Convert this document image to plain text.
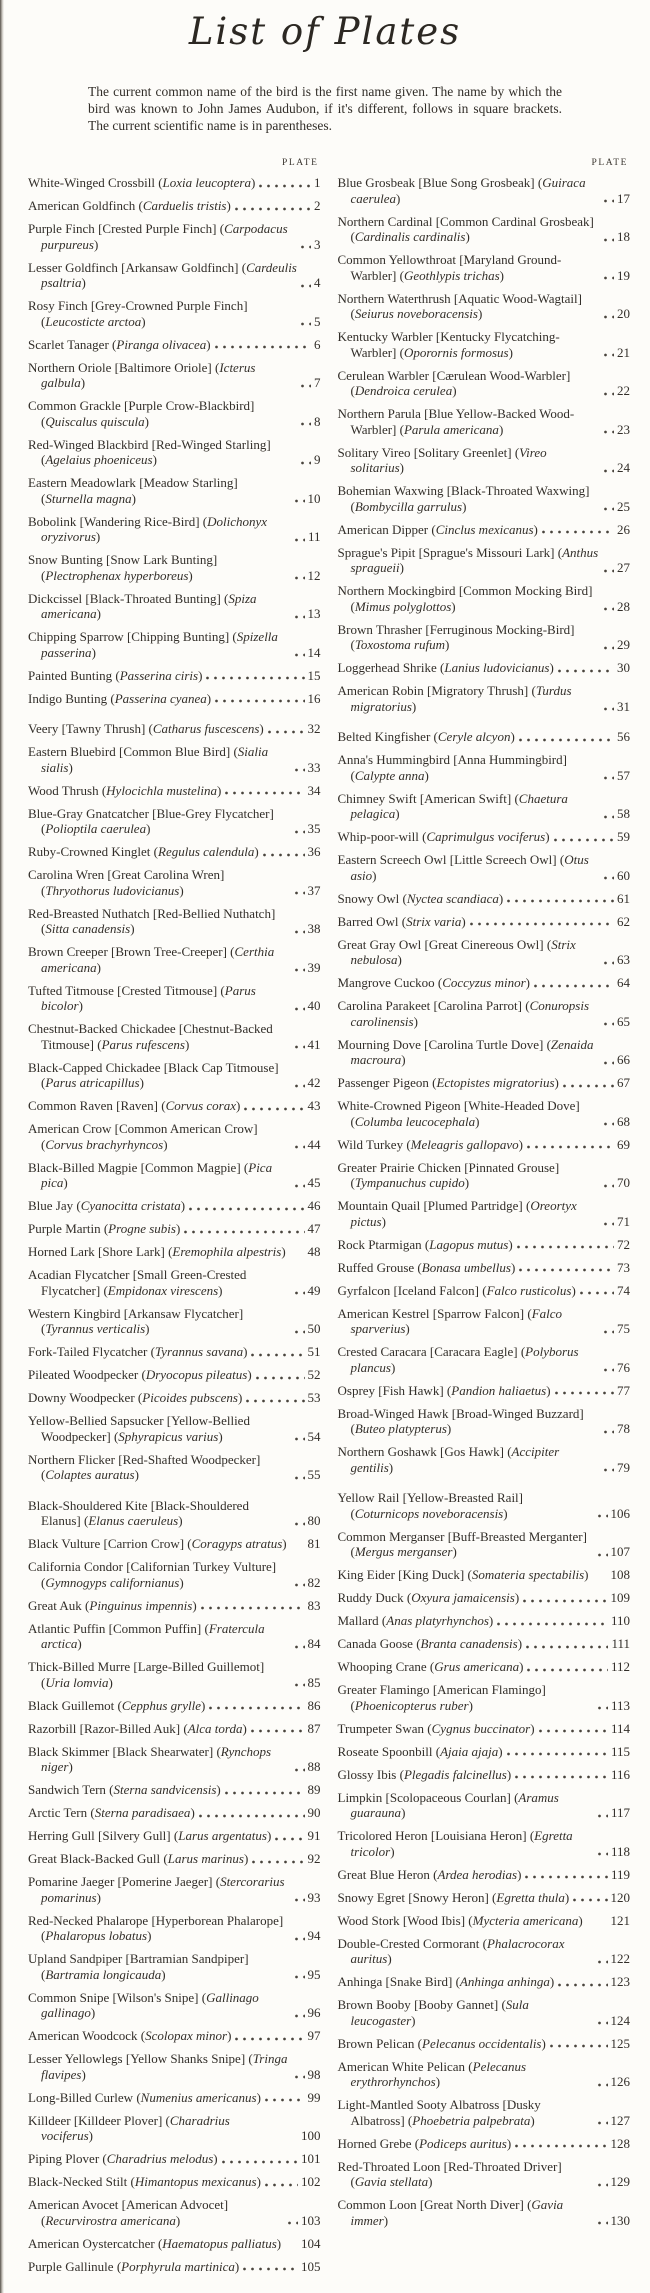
List of Plates

The current common name of the bird is the first name given. The name by which the bird was known to John James Audubon, if it's different, follows in square brackets. The current scientific name is in parentheses.

PLATE
White-Winged Crossbill (Loxia leucoptera)	1
American Goldfinch (Carduelis tristis)	2
Purple Finch [Crested Purple Finch] (Carpodacus purpureus)	3
Lesser Goldfinch [Arkansaw Goldfinch] (Cardeulis psaltria)	4
Rosy Finch [Grey-Crowned Purple Finch] (Leucosticte arctoa)	5
Scarlet Tanager (Piranga olivacea)	6
Northern Oriole [Baltimore Oriole] (Icterus galbula)	7
Common Grackle [Purple Crow-Blackbird] (Quiscalus quiscula)	8
Red-Winged Blackbird [Red-Winged Starling] (Agelaius phoeniceus)	9
Eastern Meadowlark [Meadow Starling] (Sturnella magna)	10
Bobolink [Wandering Rice-Bird] (Dolichonyx oryzivorus)	11
Snow Bunting [Snow Lark Bunting] (Plectrophenax hyperboreus)	12
Dickcissel [Black-Throated Bunting] (Spiza americana)	13
Chipping Sparrow [Chipping Bunting] (Spizella passerina)	14
Painted Bunting (Passerina ciris)	15
Indigo Bunting (Passerina cyanea)	16
Veery [Tawny Thrush] (Catharus fuscescens)	32
Eastern Bluebird [Common Blue Bird] (Sialia sialis)	33
Wood Thrush (Hylocichla mustelina)	34
Blue-Gray Gnatcatcher [Blue-Grey Flycatcher] (Polioptila caerulea)	35
Ruby-Crowned Kinglet (Regulus calendula)	36
Carolina Wren [Great Carolina Wren] (Thryothorus ludovicianus)	37
Red-Breasted Nuthatch [Red-Bellied Nuthatch] (Sitta canadensis)	38
Brown Creeper [Brown Tree-Creeper] (Certhia americana)	39
Tufted Titmouse [Crested Titmouse] (Parus bicolor)	40
Chestnut-Backed Chickadee [Chestnut-Backed Titmouse] (Parus rufescens)	41
Black-Capped Chickadee [Black Cap Titmouse] (Parus atricapillus)	42
Common Raven [Raven] (Corvus corax)	43
American Crow [Common American Crow] (Corvus brachyrhyncos)	44
Black-Billed Magpie [Common Magpie] (Pica pica)	45
Blue Jay (Cyanocitta cristata)	46
Purple Martin (Progne subis)	47
Horned Lark [Shore Lark] (Eremophila alpestris) 48
Acadian Flycatcher [Small Green-Crested Flycatcher] (Empidonax virescens)	49
Western Kingbird [Arkansaw Flycatcher] (Tyrannus verticalis)	50
Fork-Tailed Flycatcher (Tyrannus savana)	51
Pileated Woodpecker (Dryocopus pileatus)	52
Downy Woodpecker (Picoides pubscens)	53
Yellow-Bellied Sapsucker [Yellow-Bellied Woodpecker] (Sphyrapicus varius)	54
Northern Flicker [Red-Shafted Woodpecker] (Colaptes auratus)	55
Black-Shouldered Kite [Black-Shouldered Elanus] (Elanus caeruleus)	80
Black Vulture [Carrion Crow] (Coragyps atratus) 81
California Condor [Californian Turkey Vulture] (Gymnogyps californianus)	82
Great Auk (Pinguinus impennis)	83
Atlantic Puffin [Common Puffin] (Fratercula arctica)	84
Thick-Billed Murre [Large-Billed Guillemot] (Uria lomvia)	85
Black Guillemot (Cepphus grylle)	86
Razorbill [Razor-Billed Auk] (Alca torda)	87
Black Skimmer [Black Shearwater] (Rynchops niger)	88
Sandwich Tern (Sterna sandvicensis)	89
Arctic Tern (Sterna paradisaea)	90
Herring Gull [Silvery Gull] (Larus argentatus)	91
Great Black-Backed Gull (Larus marinus)	92
Pomarine Jaeger [Pomerine Jaeger] (Stercorarius pomarinus)	93
Red-Necked Phalarope [Hyperborean Phalarope] (Phalaropus lobatus)	94
Upland Sandpiper [Bartramian Sandpiper] (Bartramia longicauda)	95
Common Snipe [Wilson's Snipe] (Gallinago gallinago)	96
American Woodcock (Scolopax minor)	97
Lesser Yellowlegs [Yellow Shanks Snipe] (Tringa flavipes)	98
Long-Billed Curlew (Numenius americanus)	99
Killdeer [Killdeer Plover] (Charadrius vociferus)	100
Piping Plover (Charadrius melodus)	101
Black-Necked Stilt (Himantopus mexicanus)	102
American Avocet [American Advocet] (Recurvirostra americana)	103
American Oystercatcher (Haematopus palliatus) 104
Purple Gallinule (Porphyrula martinica)	105
PLATE
Blue Grosbeak [Blue Song Grosbeak] (Guiraca caerulea)	17
Northern Cardinal [Common Cardinal Grosbeak] (Cardinalis cardinalis)	18
Common Yellowthroat [Maryland Ground-Warbler] (Geothlypis trichas)	19
Northern Waterthrush [Aquatic Wood-Wagtail] (Seiurus noveboracensis)	20
Kentucky Warbler [Kentucky Flycatching-Warbler] (Oporornis formosus)	21
Cerulean Warbler [Cærulean Wood-Warbler] (Dendroica cerulea)	22
Northern Parula [Blue Yellow-Backed Wood-Warbler] (Parula americana)	23
Solitary Vireo [Solitary Greenlet] (Vireo solitarius)	24
Bohemian Waxwing [Black-Throated Waxwing] (Bombycilla garrulus)	25
American Dipper (Cinclus mexicanus)	26
Sprague's Pipit [Sprague's Missouri Lark] (Anthus spragueii)	27
Northern Mockingbird [Common Mocking Bird] (Mimus polyglottos)	28
Brown Thrasher [Ferruginous Mocking-Bird] (Toxostoma rufum)	29
Loggerhead Shrike (Lanius ludovicianus)	30
American Robin [Migratory Thrush] (Turdus migratorius)	31
Belted Kingfisher (Ceryle alcyon)	56
Anna's Hummingbird [Anna Hummingbird] (Calypte anna)	57
Chimney Swift [American Swift] (Chaetura pelagica)	58
Whip-poor-will (Caprimulgus vociferus)	59
Eastern Screech Owl [Little Screech Owl] (Otus asio)	60
Snowy Owl (Nyctea scandiaca)	61
Barred Owl (Strix varia)	62
Great Gray Owl [Great Cinereous Owl] (Strix nebulosa)	63
Mangrove Cuckoo (Coccyzus minor)	64
Carolina Parakeet [Carolina Parrot] (Conuropsis carolinensis)	65
Mourning Dove [Carolina Turtle Dove] (Zenaida macroura)	66
Passenger Pigeon (Ectopistes migratorius)	67
White-Crowned Pigeon [White-Headed Dove] (Columba leucocephala)	68
Wild Turkey (Meleagris gallopavo)	69
Greater Prairie Chicken [Pinnated Grouse] (Tympanuchus cupido)	70
Mountain Quail [Plumed Partridge] (Oreortyx pictus)	71
Rock Ptarmigan (Lagopus mutus)	72
Ruffed Grouse (Bonasa umbellus)	73
Gyrfalcon [Iceland Falcon] (Falco rusticolus)	74
American Kestrel [Sparrow Falcon] (Falco sparverius)	75
Crested Caracara [Caracara Eagle] (Polyborus plancus)	76
Osprey [Fish Hawk] (Pandion haliaetus)	77
Broad-Winged Hawk [Broad-Winged Buzzard] (Buteo platypterus)	78
Northern Goshawk [Gos Hawk] (Accipiter gentilis)	79
Yellow Rail [Yellow-Breasted Rail] (Coturnicops noveboracensis)	106
Common Merganser [Buff-Breasted Merganter] (Mergus merganser)	107
King Eider [King Duck] (Somateria spectabilis) 108
Ruddy Duck (Oxyura jamaicensis)	109
Mallard (Anas platyrhynchos)	110
Canada Goose (Branta canadensis)	111
Whooping Crane (Grus americana)	112
Greater Flamingo [American Flamingo] (Phoenicopterus ruber)	113
Trumpeter Swan (Cygnus buccinator)	114
Roseate Spoonbill (Ajaia ajaja)	115
Glossy Ibis (Plegadis falcinellus)	116
Limpkin [Scolopaceous Courlan] (Aramus guarauna)	117
Tricolored Heron [Louisiana Heron] (Egretta tricolor)	118
Great Blue Heron (Ardea herodias)	119
Snowy Egret [Snowy Heron] (Egretta thula)	120
Wood Stork [Wood Ibis] (Mycteria americana) 121
Double-Crested Cormorant (Phalacrocorax auritus)	122
Anhinga [Snake Bird] (Anhinga anhinga)	123
Brown Booby [Booby Gannet] (Sula leucogaster)	124
Brown Pelican (Pelecanus occidentalis)	125
American White Pelican (Pelecanus erythrorhynchos)	126
Light-Mantled Sooty Albatross [Dusky Albatross] (Phoebetria palpebrata)	127
Horned Grebe (Podiceps auritus)	128
Red-Throated Loon [Red-Throated Driver] (Gavia stellata)	129
Common Loon [Great North Diver] (Gavia immer)	130
